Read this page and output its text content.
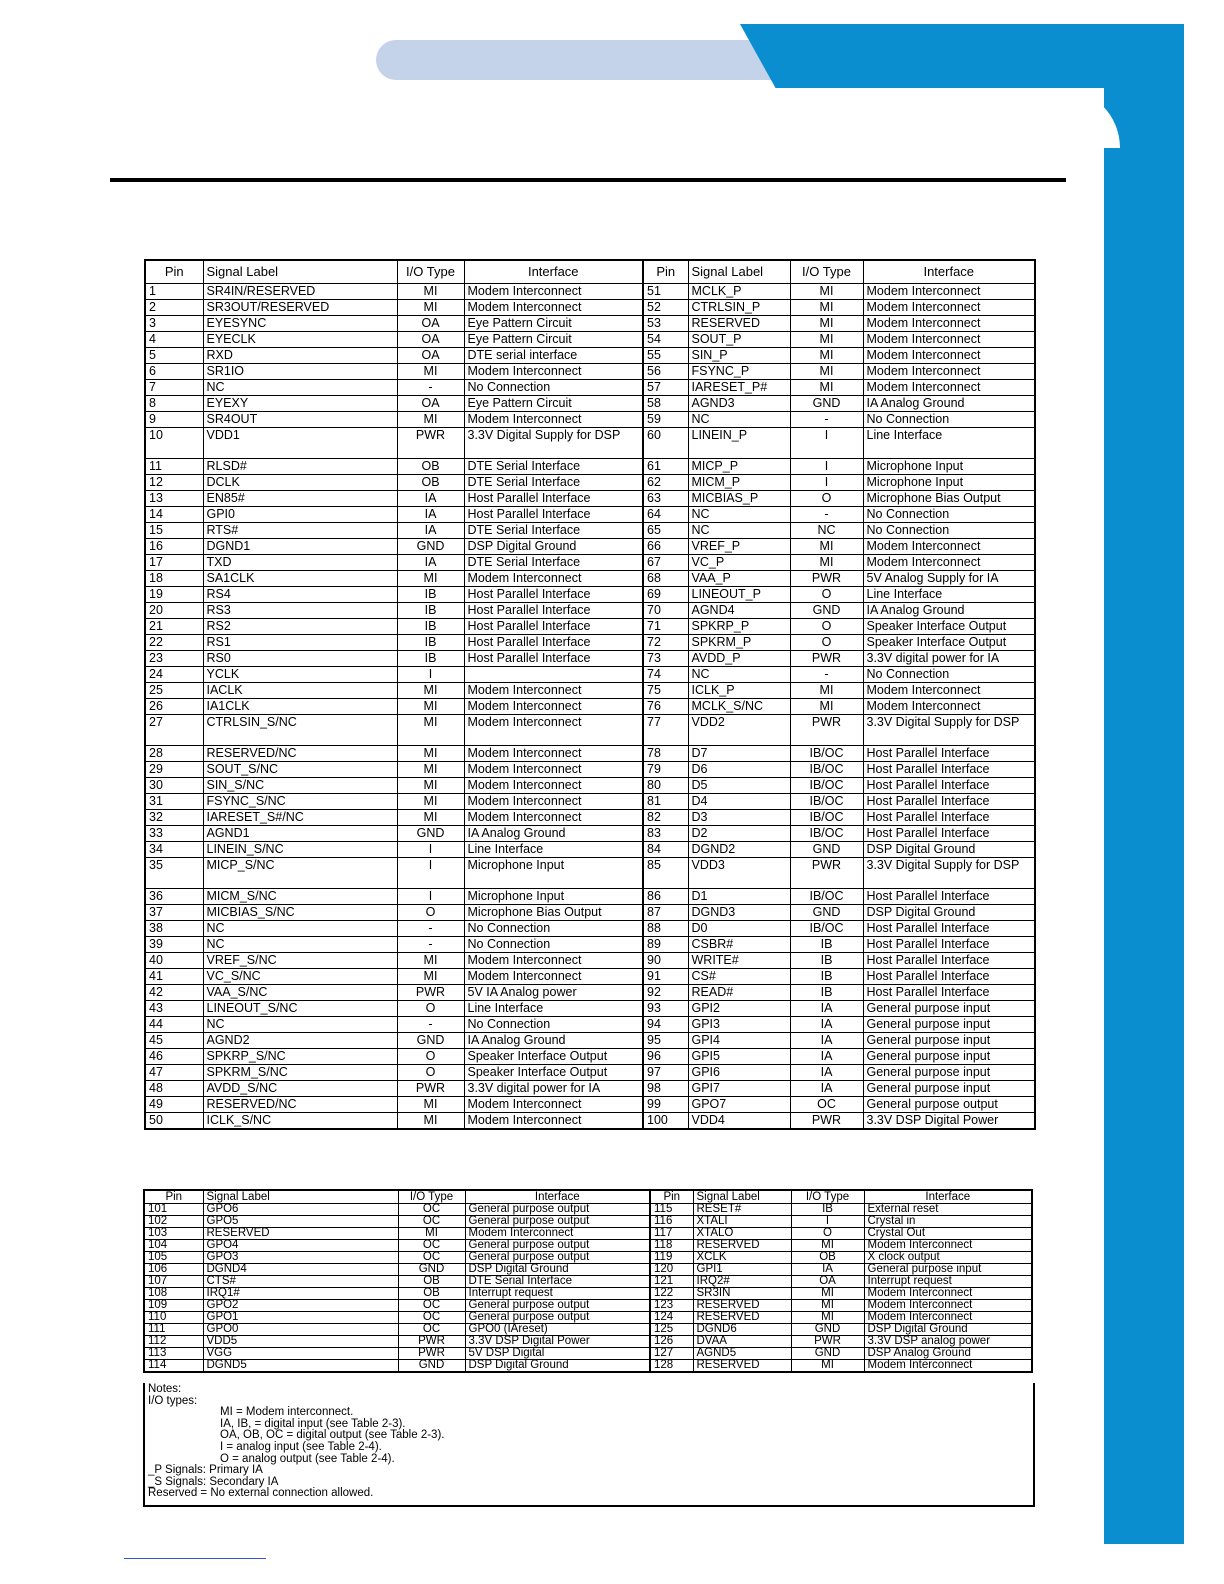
Pin	Signal Label	I/O Type	Interface	Pin	Signal Label	I/O Type	Interface
1	SR4IN/RESERVED	MI	Modem Interconnect	51	MCLK_P	MI	Modem Interconnect
2	SR3OUT/RESERVED	MI	Modem Interconnect	52	CTRLSIN_P	MI	Modem Interconnect
3	EYESYNC	OA	Eye Pattern Circuit	53	RESERVED	MI	Modem Interconnect
4	EYECLK	OA	Eye Pattern Circuit	54	SOUT_P	MI	Modem Interconnect
5	RXD	OA	DTE serial interface	55	SIN_P	MI	Modem Interconnect
6	SR1IO	MI	Modem Interconnect	56	FSYNC_P	MI	Modem Interconnect
7	NC	-	No Connection	57	IARESET_P#	MI	Modem Interconnect
8	EYEXY	OA	Eye Pattern Circuit	58	AGND3	GND	IA Analog Ground
9	SR4OUT	MI	Modem Interconnect	59	NC	-	No Connection
10	VDD1	PWR	3.3V Digital Supply for DSP	60	LINEIN_P	I	Line Interface
11	RLSD#	OB	DTE Serial Interface	61	MICP_P	I	Microphone Input
12	DCLK	OB	DTE Serial Interface	62	MICM_P	I	Microphone Input
13	EN85#	IA	Host Parallel Interface	63	MICBIAS_P	O	Microphone Bias Output
14	GPI0	IA	Host Parallel Interface	64	NC	-	No Connection
15	RTS#	IA	DTE Serial Interface	65	NC	NC	No Connection
16	DGND1	GND	DSP Digital Ground	66	VREF_P	MI	Modem Interconnect
17	TXD	IA	DTE Serial Interface	67	VC_P	MI	Modem Interconnect
18	SA1CLK	MI	Modem Interconnect	68	VAA_P	PWR	5V Analog Supply for IA
19	RS4	IB	Host Parallel Interface	69	LINEOUT_P	O	Line Interface
20	RS3	IB	Host Parallel Interface	70	AGND4	GND	IA Analog Ground
21	RS2	IB	Host Parallel Interface	71	SPKRP_P	O	Speaker Interface Output
22	RS1	IB	Host Parallel Interface	72	SPKRM_P	O	Speaker Interface Output
23	RS0	IB	Host Parallel Interface	73	AVDD_P	PWR	3.3V digital power for IA
24	YCLK	I		74	NC	-	No Connection
25	IACLK	MI	Modem Interconnect	75	ICLK_P	MI	Modem Interconnect
26	IA1CLK	MI	Modem Interconnect	76	MCLK_S/NC	MI	Modem Interconnect
27	CTRLSIN_S/NC	MI	Modem Interconnect	77	VDD2	PWR	3.3V Digital Supply for DSP
28	RESERVED/NC	MI	Modem Interconnect	78	D7	IB/OC	Host Parallel Interface
29	SOUT_S/NC	MI	Modem Interconnect	79	D6	IB/OC	Host Parallel Interface
30	SIN_S/NC	MI	Modem Interconnect	80	D5	IB/OC	Host Parallel Interface
31	FSYNC_S/NC	MI	Modem Interconnect	81	D4	IB/OC	Host Parallel Interface
32	IARESET_S#/NC	MI	Modem Interconnect	82	D3	IB/OC	Host Parallel Interface
33	AGND1	GND	IA Analog Ground	83	D2	IB/OC	Host Parallel Interface
34	LINEIN_S/NC	I	Line Interface	84	DGND2	GND	DSP Digital Ground
35	MICP_S/NC	I	Microphone Input	85	VDD3	PWR	3.3V Digital Supply for DSP
36	MICM_S/NC	I	Microphone Input	86	D1	IB/OC	Host Parallel Interface
37	MICBIAS_S/NC	O	Microphone Bias Output	87	DGND3	GND	DSP Digital Ground
38	NC	-	No Connection	88	D0	IB/OC	Host Parallel Interface
39	NC	-	No Connection	89	CSBR#	IB	Host Parallel Interface
40	VREF_S/NC	MI	Modem Interconnect	90	WRITE#	IB	Host Parallel Interface
41	VC_S/NC	MI	Modem Interconnect	91	CS#	IB	Host Parallel Interface
42	VAA_S/NC	PWR	5V IA Analog power	92	READ#	IB	Host Parallel Interface
43	LINEOUT_S/NC	O	Line Interface	93	GPI2	IA	General purpose input
44	NC	-	No Connection	94	GPI3	IA	General purpose input
45	AGND2	GND	IA Analog Ground	95	GPI4	IA	General purpose input
46	SPKRP_S/NC	O	Speaker Interface Output	96	GPI5	IA	General purpose input
47	SPKRM_S/NC	O	Speaker Interface Output	97	GPI6	IA	General purpose input
48	AVDD_S/NC	PWR	3.3V digital power for IA	98	GPI7	IA	General purpose input
49	RESERVED/NC	MI	Modem Interconnect	99	GPO7	OC	General purpose output
50	ICLK_S/NC	MI	Modem Interconnect	100	VDD4	PWR	3.3V DSP Digital Power
Pin	Signal Label	I/O Type	Interface	Pin	Signal Label	I/O Type	Interface
101	GPO6	OC	General purpose output	115	RESET#	IB	External reset
102	GPO5	OC	General purpose output	116	XTALI	I	Crystal in
103	RESERVED	MI	Modem Interconnect	117	XTALO	O	Crystal Out
104	GPO4	OC	General purpose output	118	RESERVED	MI	Modem Interconnect
105	GPO3	OC	General purpose output	119	XCLK	OB	X clock output
106	DGND4	GND	DSP Digital Ground	120	GPI1	IA	General purpose input
107	CTS#	OB	DTE Serial Interface	121	IRQ2#	OA	Interrupt request
108	IRQ1#	OB	Interrupt request	122	SR3IN	MI	Modem Interconnect
109	GPO2	OC	General purpose output	123	RESERVED	MI	Modem Interconnect
110	GPO1	OC	General purpose output	124	RESERVED	MI	Modem Interconnect
111	GPO0	OC	GPO0 (IAreset)	125	DGND6	GND	DSP Digital Ground
112	VDD5	PWR	3.3V DSP Digital Power	126	DVAA	PWR	3.3V DSP analog power
113	VGG	PWR	5V DSP Digital	127	AGND5	GND	DSP Analog Ground
114	DGND5	GND	DSP Digital Ground	128	RESERVED	MI	Modem Interconnect
Notes:
I/O types:
MI = Modem interconnect.
IA, IB, = digital input (see Table 2-3).
OA, OB, OC = digital output (see Table 2-3).
I = analog input (see Table 2-4).
O = analog output (see Table 2-4).
_P Signals: Primary IA
_S Signals: Secondary IA
Reserved = No external connection allowed.
